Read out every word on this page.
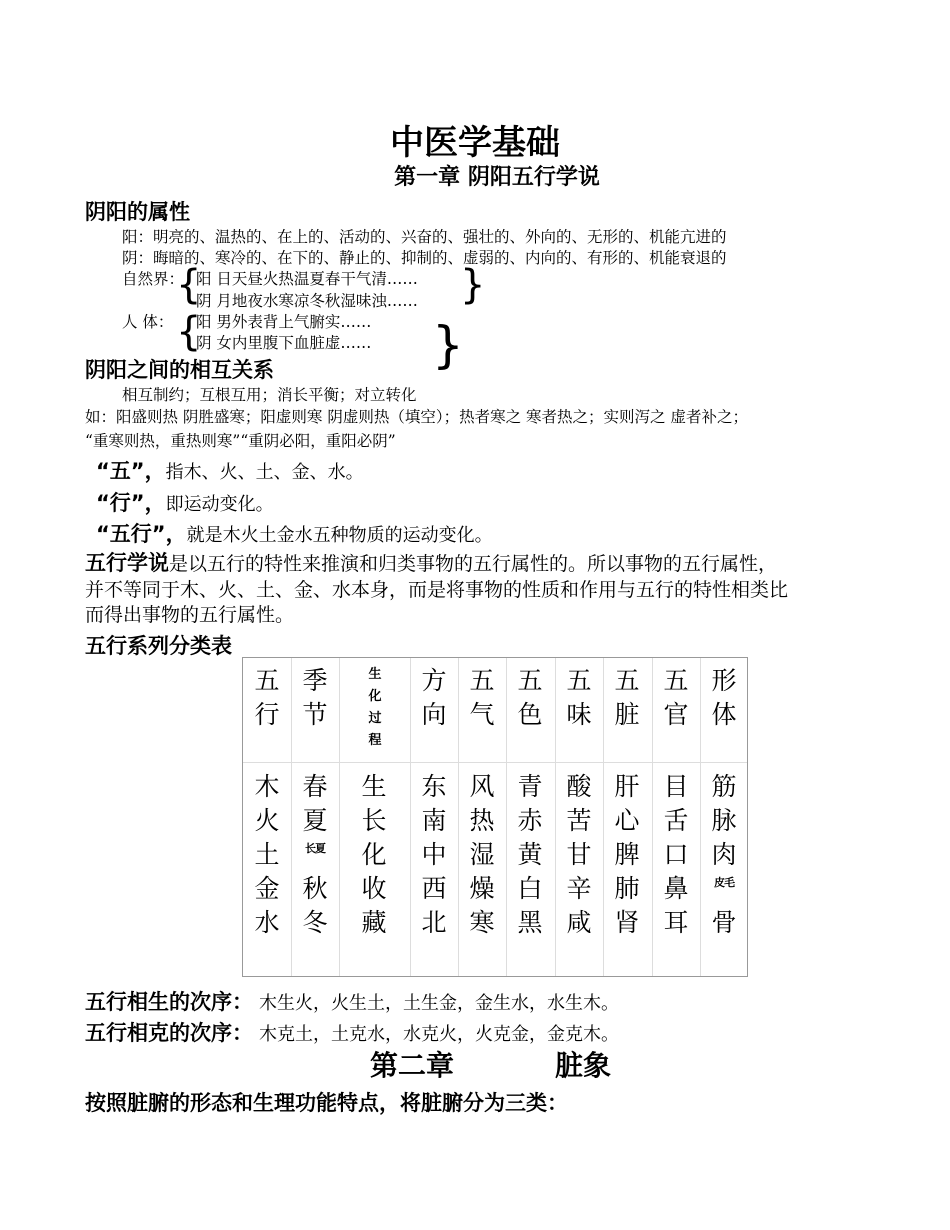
中医学基础
第一章 阴阳五行学说
阴阳的属性
阳：明亮的、温热的、在上的、活动的、兴奋的、强壮的、外向的、无形的、机能亢进的
阴：晦暗的、寒冷的、在下的、静止的、抑制的、虚弱的、内向的、有形的、机能衰退的
自然界：
{
阳 日天昼火热温夏春干气清……
阴 月地夜水寒凉冬秋湿味浊…… }
人 体： {
阳 男外表背上气腑实……
阴 女内里腹下血脏虚…… }
阴阳之间的相互关系
相互制约；互根互用；消长平衡；对立转化
如：阳盛则热 阴胜盛寒；阳虚则寒 阴虚则热（填空）；热者寒之 寒者热之；实则泻之 虚者补之；
“重寒则热，重热则寒”“重阴必阳，重阳必阴”
“五”，指木、火、土、金、水。
“行”，即运动变化。
“五行”，就是木火土金水五种物质的运动变化。
五行学说是以五行的特性来推演和归类事物的五行属性的。所以事物的五行属性，
并不等同于木、火、土、金、水本身，而是将事物的性质和作用与五行的特性相类比
而得出事物的五行属性。
五行系列分类表
五
行
季
节
生
化
过
程
方
向
五
气
五
色
五
味
五
脏
五
官
形
体
木
火
土
金
水
春
夏
长夏
秋
冬
生
长
化
收
藏
东
南
中
西
北
风
热
湿
燥
寒
青
赤
黄
白
黑
酸
苦
甘
辛
咸
肝
心
脾
肺
肾
目
舌
口
鼻
耳
筋
脉
肉
皮毛
骨
五行相生的次序： 木生火，火生土，土生金，金生水，水生木。
五行相克的次序： 木克土，土克水，水克火，火克金，金克木。
第二章	脏象
按照脏腑的形态和生理功能特点，将脏腑分为三类：
